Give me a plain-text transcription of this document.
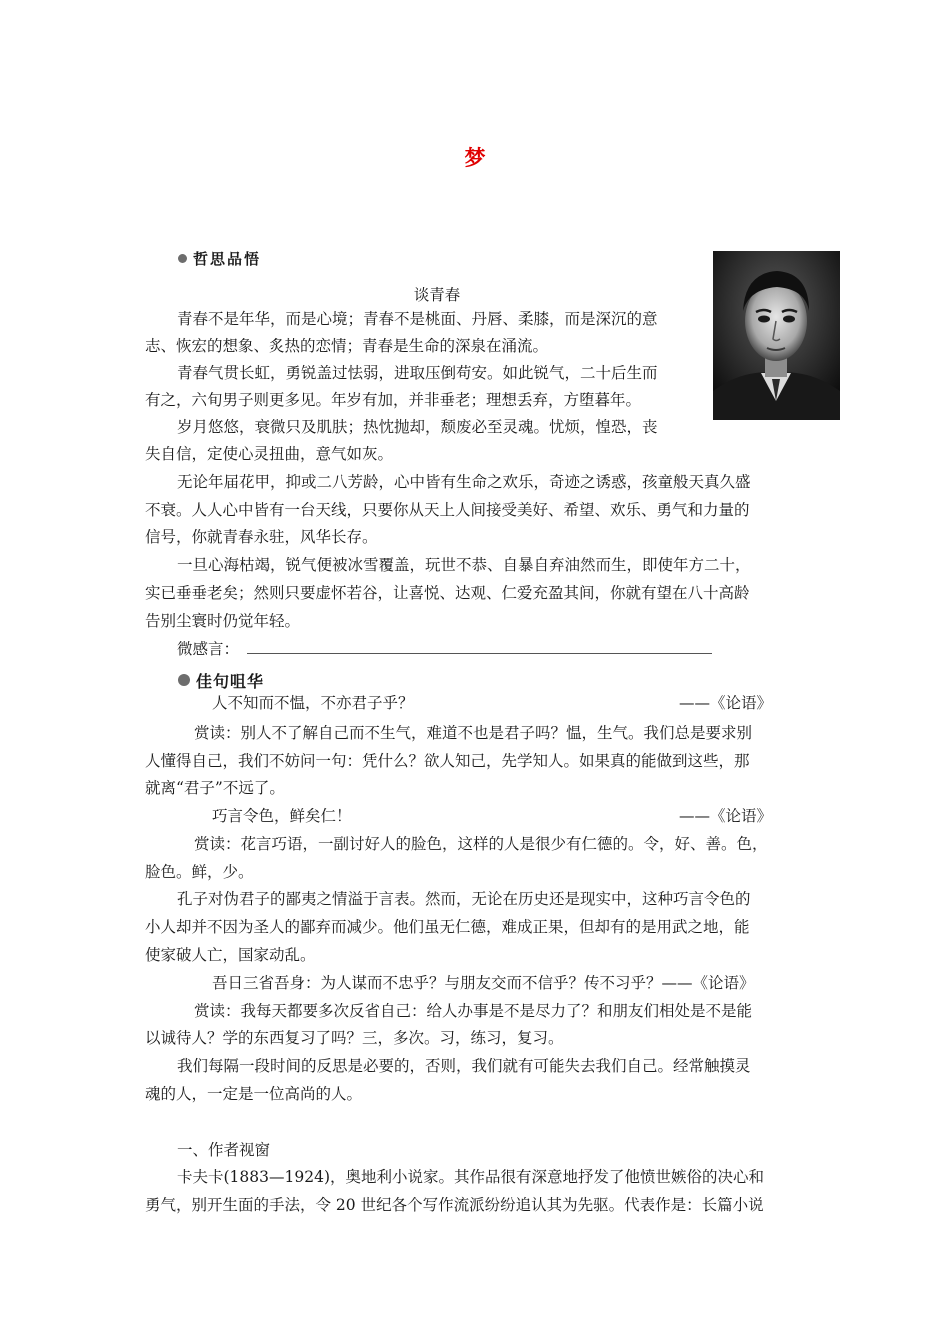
梦
哲思品悟
谈青春
青春不是年华，而是心境；青春不是桃面、丹唇、柔膝，而是深沉的意
志、恢宏的想象、炙热的恋情；青春是生命的深泉在涌流。
青春气贯长虹，勇锐盖过怯弱，进取压倒苟安。如此锐气，二十后生而
有之，六旬男子则更多见。年岁有加，并非垂老；理想丢弃，方堕暮年。
岁月悠悠，衰微只及肌肤；热忱抛却，颓废必至灵魂。忧烦，惶恐，丧
失自信，定使心灵扭曲，意气如灰。
无论年届花甲，抑或二八芳龄，心中皆有生命之欢乐，奇迹之诱惑，孩童般天真久盛
不衰。人人心中皆有一台天线，只要你从天上人间接受美好、希望、欢乐、勇气和力量的
信号，你就青春永驻，风华长存。
一旦心海枯竭，锐气便被冰雪覆盖，玩世不恭、自暴自弃油然而生，即使年方二十，
实已垂垂老矣；然则只要虚怀若谷，让喜悦、达观、仁爱充盈其间，你就有望在八十高龄
告别尘寰时仍觉年轻。
微感言：
佳句咀华
人不知而不愠，不亦君子乎？	——《论语》
赏读：别人不了解自己而不生气，难道不也是君子吗？愠，生气。我们总是要求别
人懂得自己，我们不妨问一句：凭什么？欲人知己，先学知人。如果真的能做到这些，那
就离“君子”不远了。
巧言令色，鲜矣仁！	——《论语》
赏读：花言巧语，一副讨好人的脸色，这样的人是很少有仁德的。令，好、善。色，
脸色。鲜，少。
孔子对伪君子的鄙夷之情溢于言表。然而，无论在历史还是现实中，这种巧言令色的
小人却并不因为圣人的鄙弃而减少。他们虽无仁德，难成正果，但却有的是用武之地，能
使家破人亡，国家动乱。
吾日三省吾身：为人谋而不忠乎？与朋友交而不信乎？传不习乎？——《论语》
赏读：我每天都要多次反省自己：给人办事是不是尽力了？和朋友们相处是不是能
以诚待人？学的东西复习了吗？三，多次。习，练习，复习。
我们每隔一段时间的反思是必要的，否则，我们就有可能失去我们自己。经常触摸灵
魂的人，一定是一位高尚的人。
一、作者视窗
卡夫卡(1883—1924)，奥地利小说家。其作品很有深意地抒发了他愤世嫉俗的决心和
勇气，别开生面的手法，令 20 世纪各个写作流派纷纷追认其为先驱。代表作是：长篇小说
